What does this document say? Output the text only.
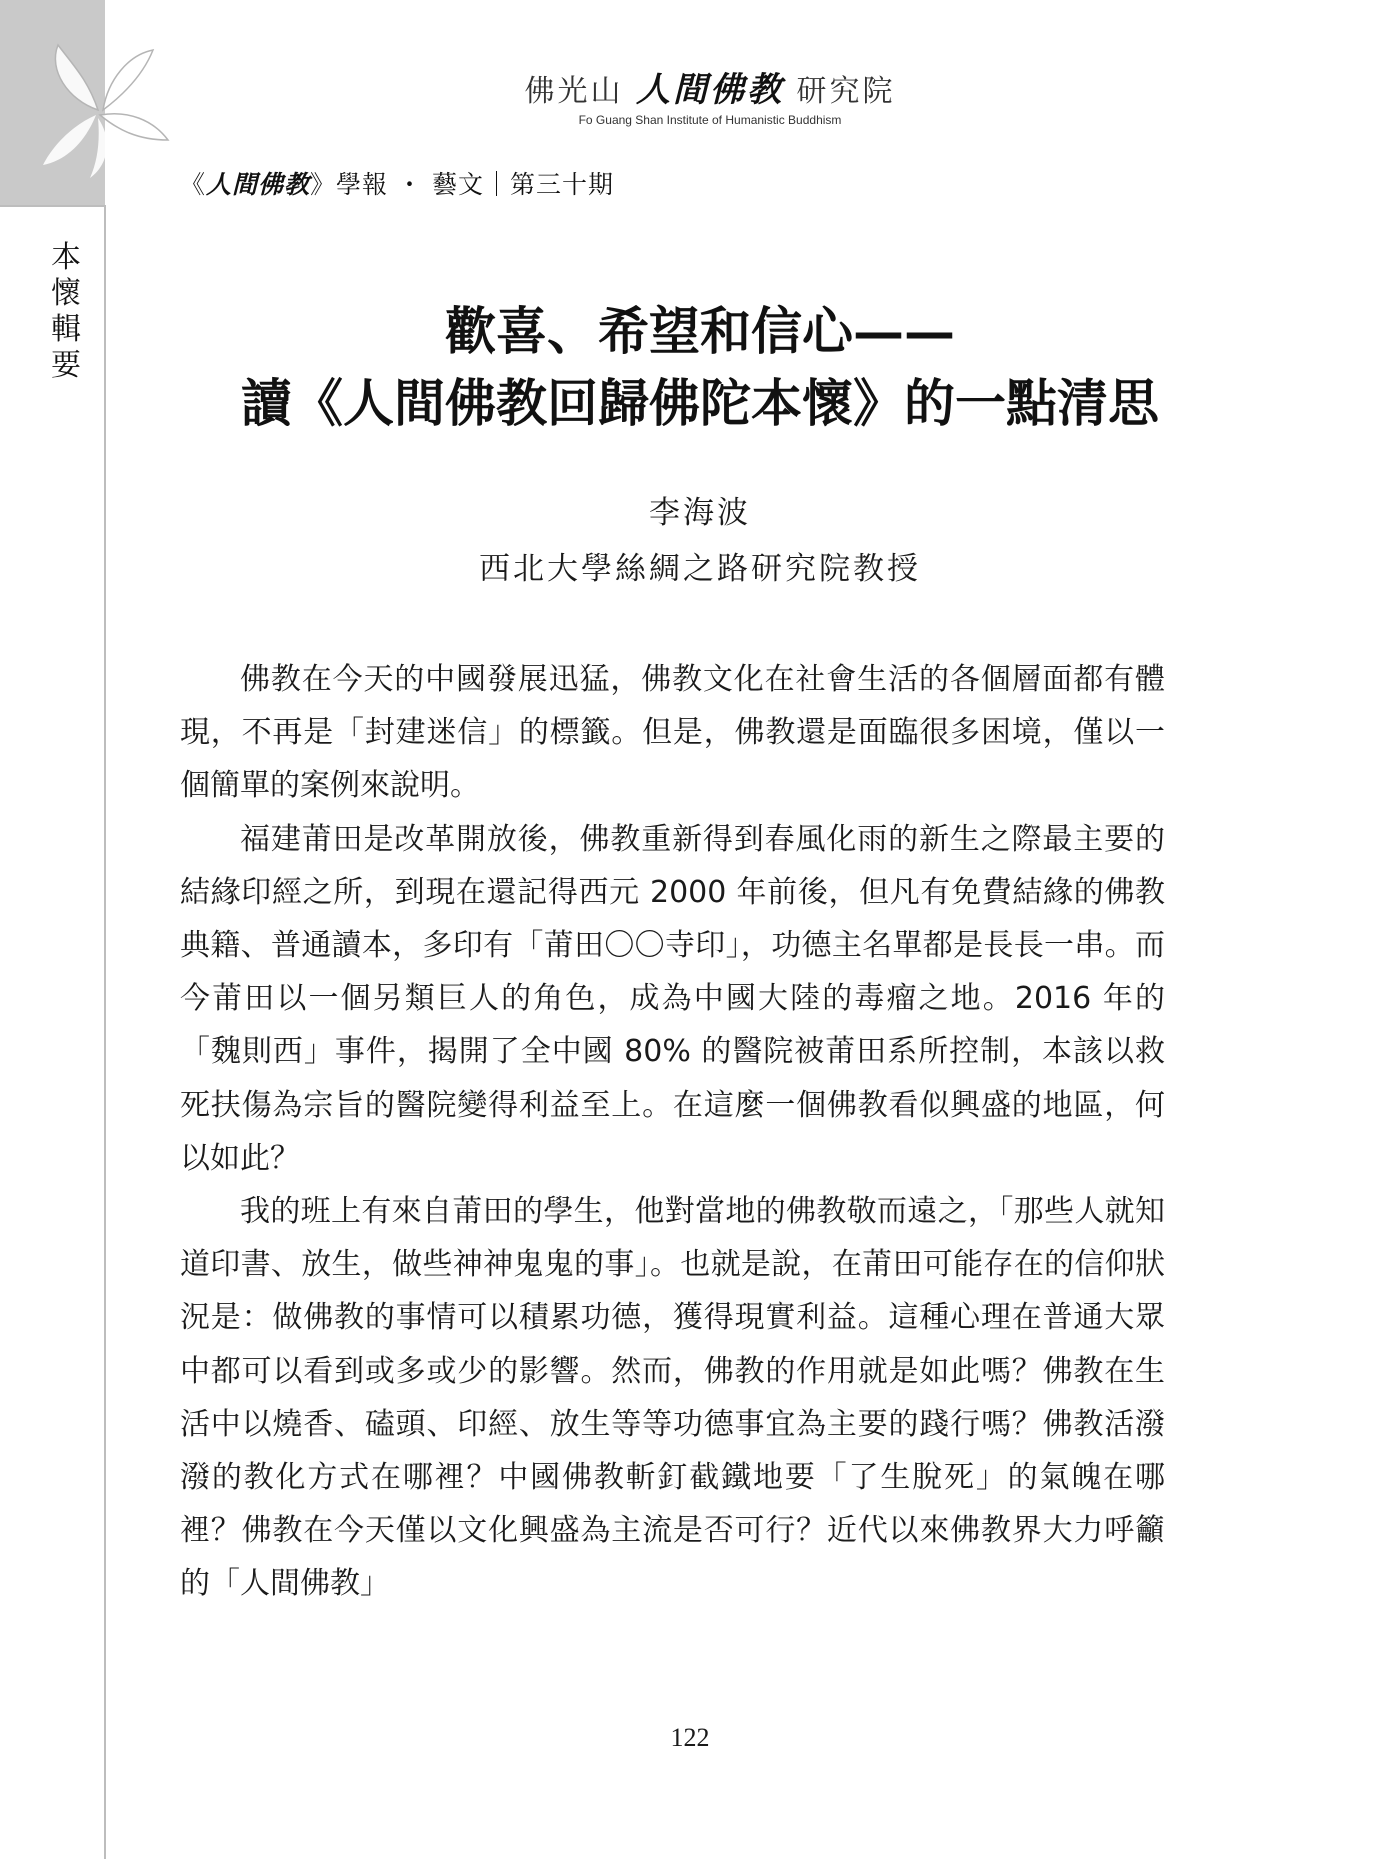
本懷輯要
佛光山 人間佛教 研究院
Fo Guang Shan Institute of Humanistic Buddhism
《人間佛教》學報 ・ 藝文｜第三十期
歡喜、希望和信心——
讀《人間佛教回歸佛陀本懷》的一點清思
李海波
西北大學絲綢之路研究院教授

佛教在今天的中國發展迅猛，佛教文化在社會生活的各個層面都有體現，不再是「封建迷信」的標籤。但是，佛教還是面臨很多困境，僅以一個簡單的案例來說明。

福建莆田是改革開放後，佛教重新得到春風化雨的新生之際最主要的結緣印經之所，到現在還記得西元 2000 年前後，但凡有免費結緣的佛教典籍、普通讀本，多印有「莆田〇〇寺印」，功德主名單都是長長一串。而今莆田以一個另類巨人的角色，成為中國大陸的毒瘤之地。2016 年的「魏則西」事件，揭開了全中國 80% 的醫院被莆田系所控制，本該以救死扶傷為宗旨的醫院變得利益至上。在這麼一個佛教看似興盛的地區，何以如此？

我的班上有來自莆田的學生，他對當地的佛教敬而遠之，「那些人就知道印書、放生，做些神神鬼鬼的事」。也就是說，在莆田可能存在的信仰狀況是：做佛教的事情可以積累功德，獲得現實利益。這種心理在普通大眾中都可以看到或多或少的影響。然而，佛教的作用就是如此嗎？佛教在生活中以燒香、磕頭、印經、放生等等功德事宜為主要的踐行嗎？佛教活潑潑的教化方式在哪裡？中國佛教斬釘截鐵地要「了生脫死」的氣魄在哪裡？佛教在今天僅以文化興盛為主流是否可行？近代以來佛教界大力呼籲的「人間佛教」

122
